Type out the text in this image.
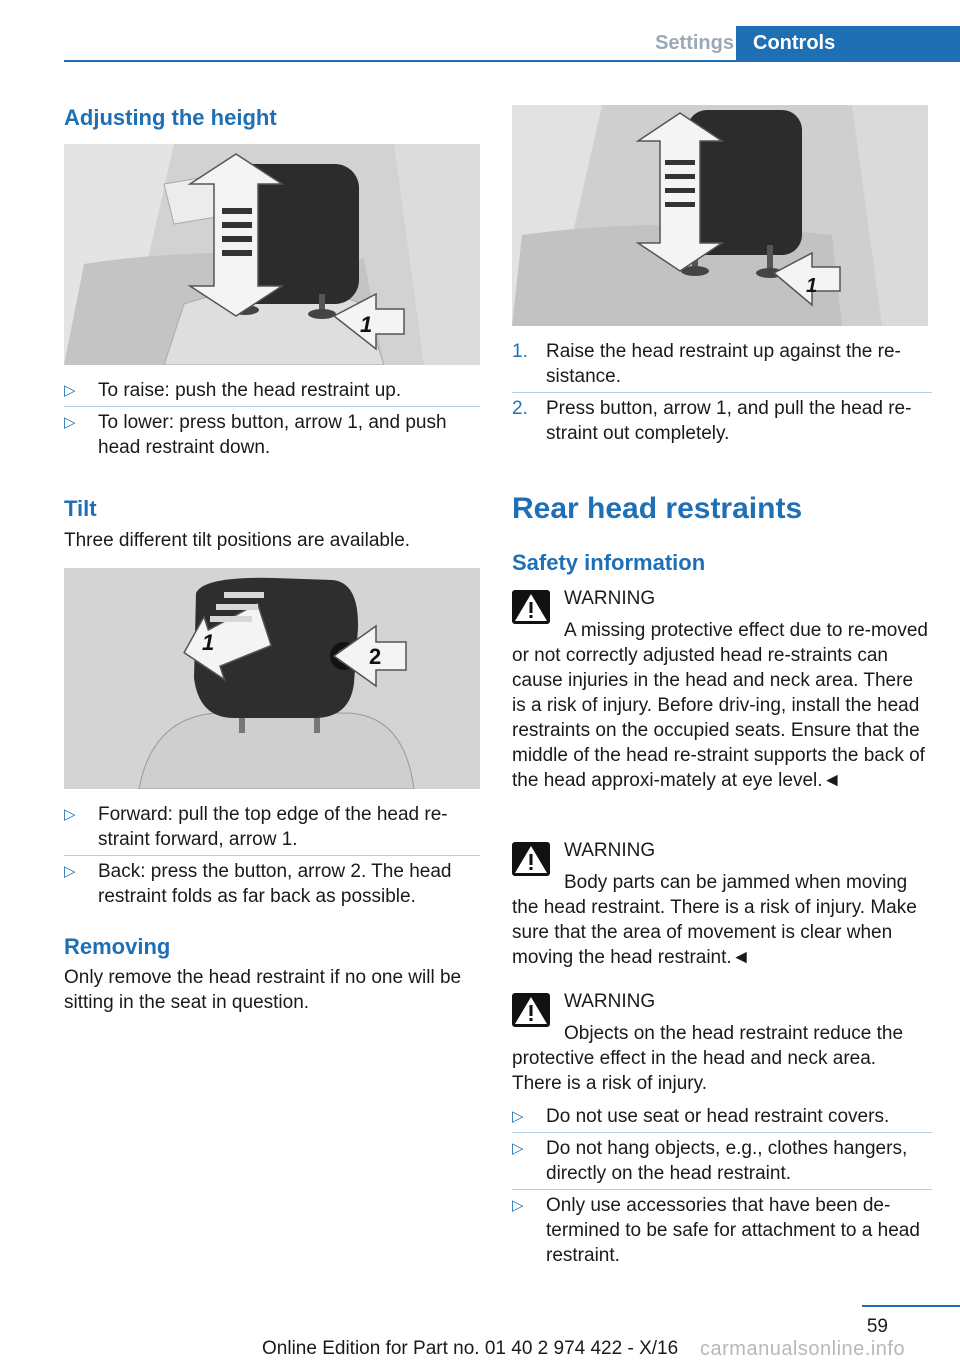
Settings Controls
Adjusting the height
1
▷	To raise: push the head restraint up.
▷	To lower: press button, arrow 1, and push head restraint down.
Tilt

Three different tilt positions are available.

1
2
▷	Forward: pull the top edge of the head re-straint forward, arrow 1.
▷	Back: press the button, arrow 2. The head restraint folds as far back as possible.
Removing

Only remove the head restraint if no one will be sitting in the seat in question.

1
1. Raise the head restraint up against the re-sistance.
2. Press button, arrow 1, and pull the head re-straint out completely.
Rear head restraints
Safety information
WARNING
A missing protective effect due to re-moved or not correctly adjusted head re-straints can cause injuries in the head and neck area. There is a risk of injury. Before driv-ing, install the head restraints on the occupied seats. Ensure that the middle of the head re-straint supports the back of the head approxi-mately at eye level.◄
WARNING
Body parts can be jammed when moving the head restraint. There is a risk of injury. Make sure that the area of movement is clear when moving the head restraint.◄
WARNING
Objects on the head restraint reduce the protective effect in the head and neck area. There is a risk of injury.
▷	Do not use seat or head restraint covers.
▷	Do not hang objects, e.g., clothes hangers, directly on the head restraint.
▷	Only use accessories that have been de-termined to be safe for attachment to a head restraint.
59
Online Edition for Part no. 01 40 2 974 422 - X/16 carmanualsonline.info
